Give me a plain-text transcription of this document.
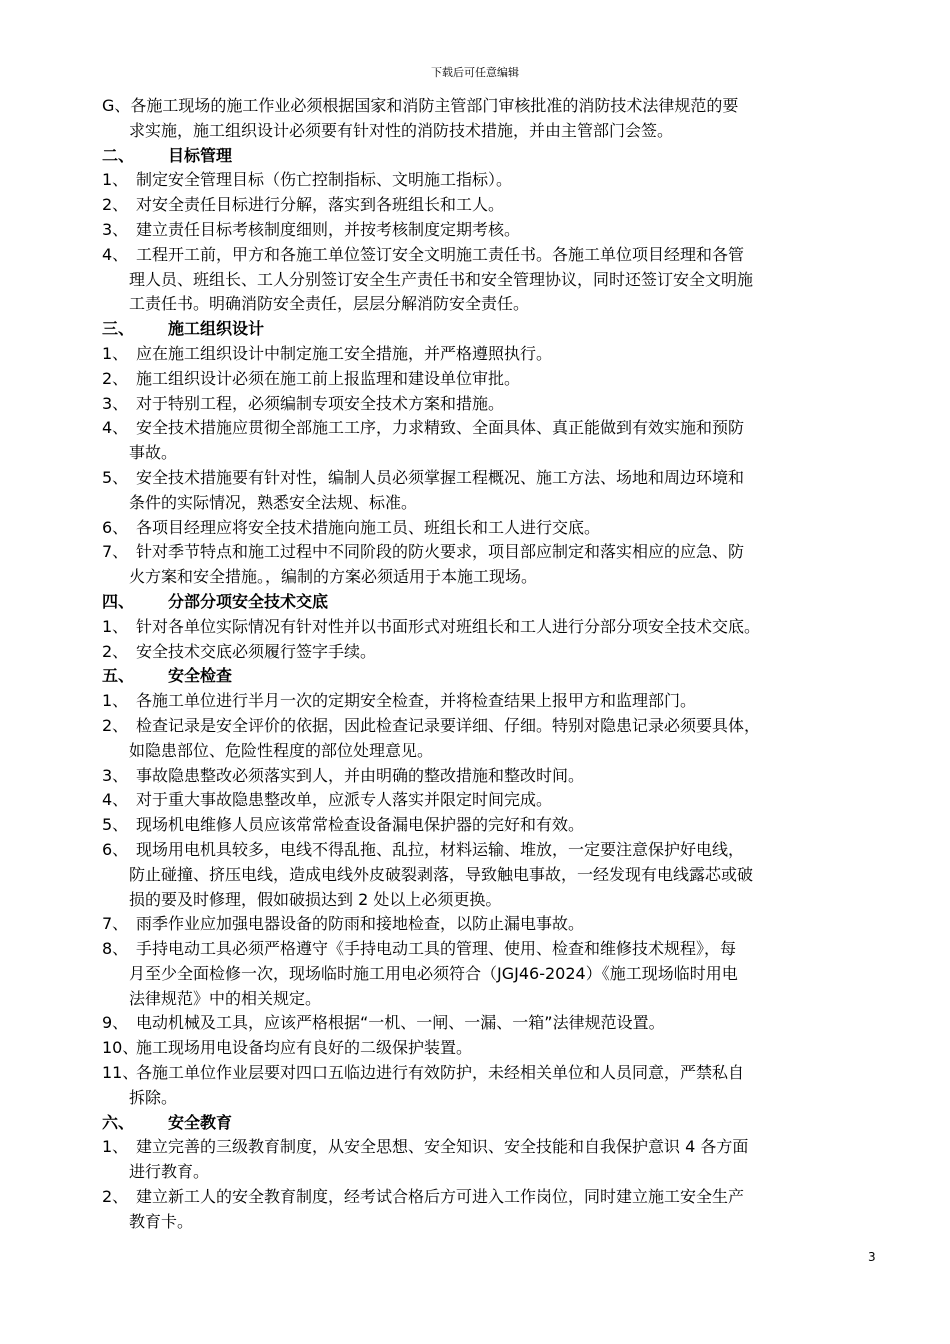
下载后可任意编辑
G、各施工现场的施工作业必须根据国家和消防主管部门审核批准的消防技术法律规范的要
求实施，施工组织设计必须要有针对性的消防技术措施，并由主管部门会签。
二、 目标管理
1、 制定安全管理目标（伤亡控制指标、文明施工指标）。
2、 对安全责任目标进行分解，落实到各班组长和工人。
3、 建立责任目标考核制度细则，并按考核制度定期考核。
4、 工程开工前，甲方和各施工单位签订安全文明施工责任书。各施工单位项目经理和各管
理人员、班组长、工人分别签订安全生产责任书和安全管理协议，同时还签订安全文明施
工责任书。明确消防安全责任，层层分解消防安全责任。
三、 施工组织设计
1、 应在施工组织设计中制定施工安全措施，并严格遵照执行。
2、 施工组织设计必须在施工前上报监理和建设单位审批。
3、 对于特别工程，必须编制专项安全技术方案和措施。
4、 安全技术措施应贯彻全部施工工序，力求精致、全面具体、真正能做到有效实施和预防
事故。
5、 安全技术措施要有针对性，编制人员必须掌握工程概况、施工方法、场地和周边环境和
条件的实际情况，熟悉安全法规、标准。
6、 各项目经理应将安全技术措施向施工员、班组长和工人进行交底。
7、 针对季节特点和施工过程中不同阶段的防火要求，项目部应制定和落实相应的应急、防
火方案和安全措施。，编制的方案必须适用于本施工现场。
四、 分部分项安全技术交底
1、 针对各单位实际情况有针对性并以书面形式对班组长和工人进行分部分项安全技术交底。
2、 安全技术交底必须履行签字手续。
五、 安全检查
1、 各施工单位进行半月一次的定期安全检查，并将检查结果上报甲方和监理部门。
2、 检查记录是安全评价的依据，因此检查记录要详细、仔细。特别对隐患记录必须要具体，
如隐患部位、危险性程度的部位处理意见。
3、 事故隐患整改必须落实到人，并由明确的整改措施和整改时间。
4、 对于重大事故隐患整改单，应派专人落实并限定时间完成。
5、 现场机电维修人员应该常常检查设备漏电保护器的完好和有效。
6、 现场用电机具较多，电线不得乱拖、乱拉，材料运输、堆放，一定要注意保护好电线，
防止碰撞、挤压电线，造成电线外皮破裂剥落，导致触电事故，一经发现有电线露芯或破
损的要及时修理，假如破损达到 2 处以上必须更换。
7、 雨季作业应加强电器设备的防雨和接地检查，以防止漏电事故。
8、 手持电动工具必须严格遵守《手持电动工具的管理、使用、检查和维修技术规程》，每
月至少全面检修一次，现场临时施工用电必须符合（JGJ46-2024）《施工现场临时用电
法律规范》中的相关规定。
9、 电动机械及工具，应该严格根据“一机、一闸、一漏、一箱”法律规范设置。
10、施工现场用电设备均应有良好的二级保护装置。
11、各施工单位作业层要对四口五临边进行有效防护，未经相关单位和人员同意，严禁私自
拆除。
六、 安全教育
1、 建立完善的三级教育制度，从安全思想、安全知识、安全技能和自我保护意识 4 各方面
进行教育。
2、 建立新工人的安全教育制度，经考试合格后方可进入工作岗位，同时建立施工安全生产
教育卡。
3
